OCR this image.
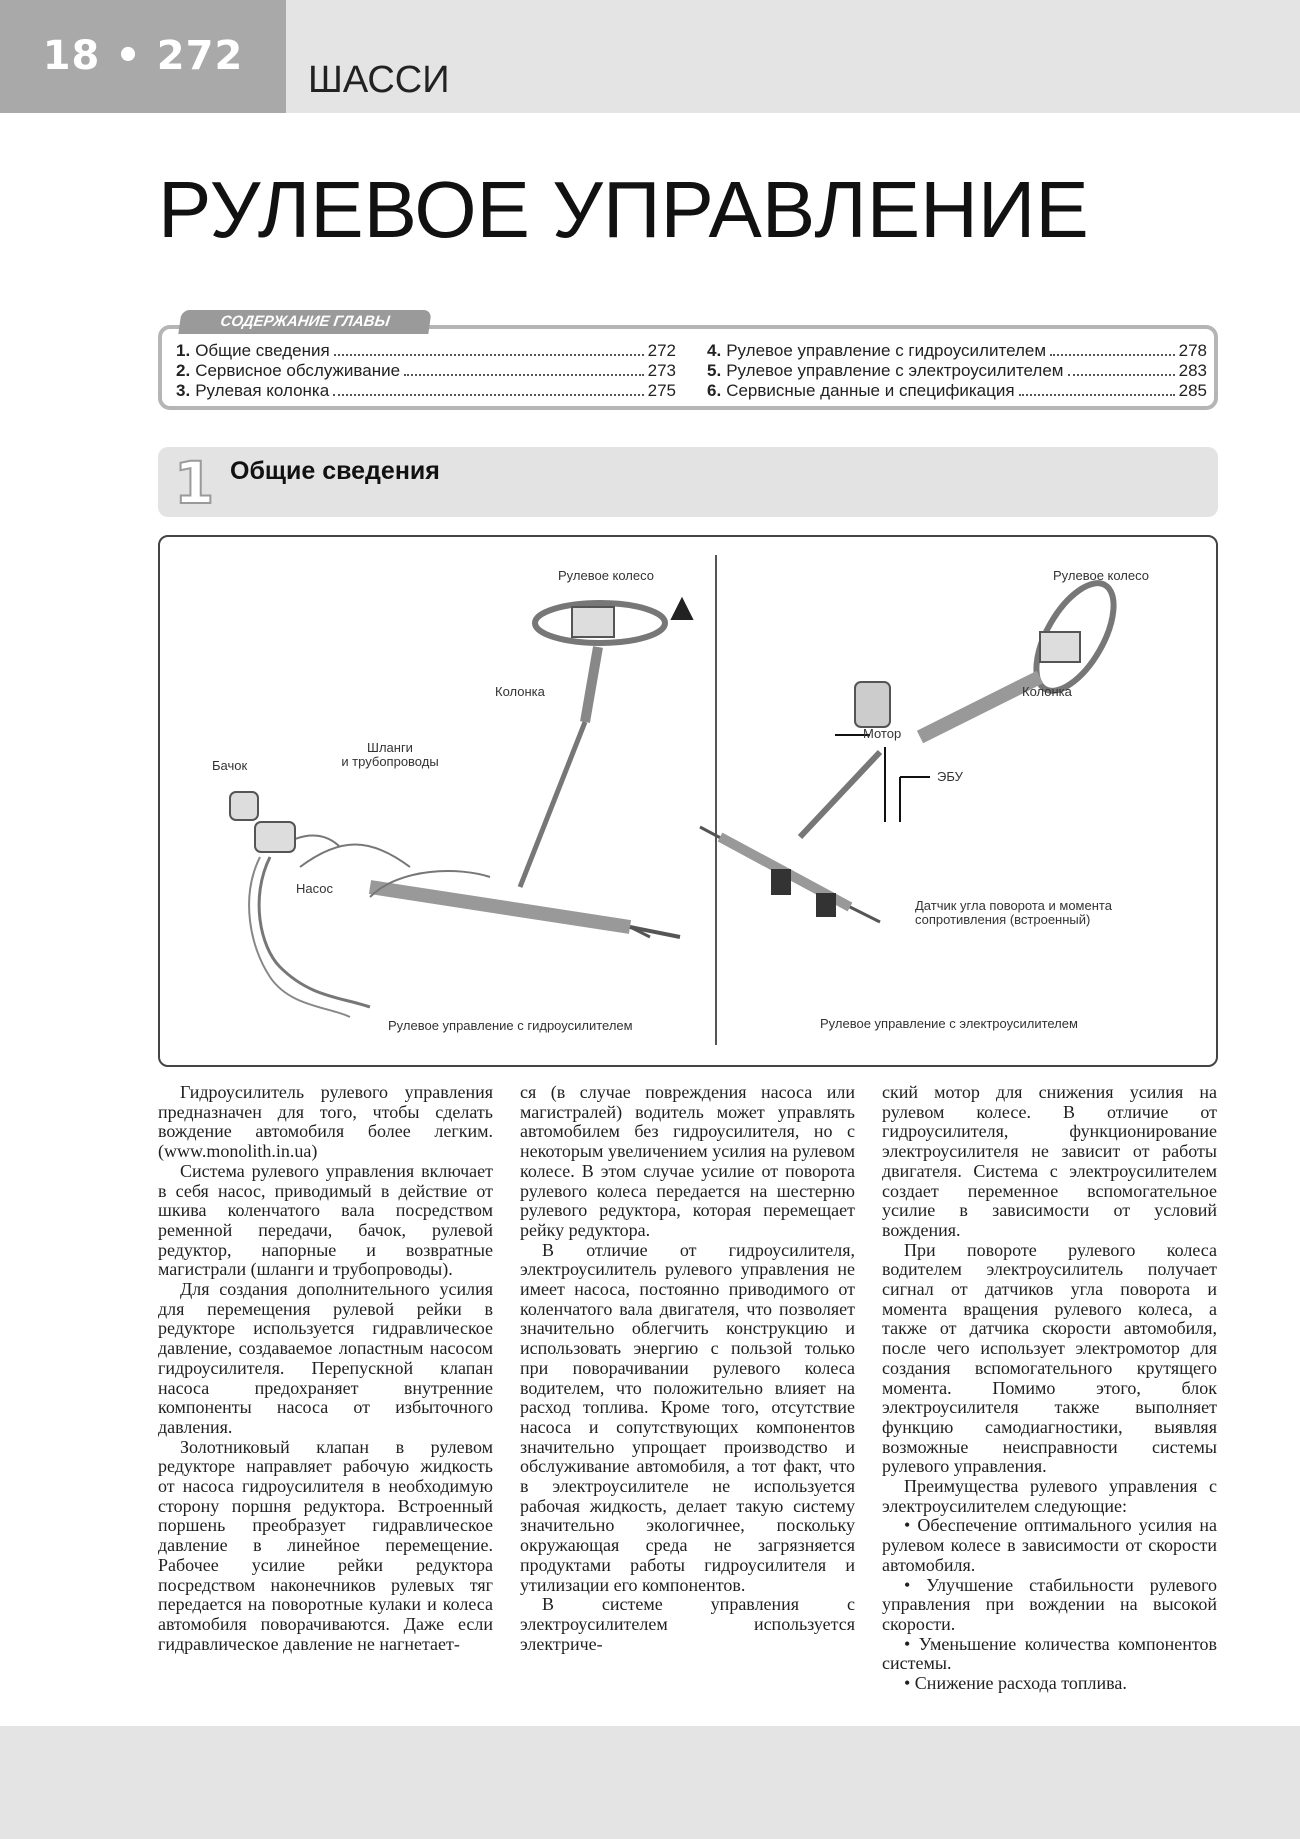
18 • 272
ШАССИ
РУЛЕВОЕ УПРАВЛЕНИЕ
СОДЕРЖАНИЕ ГЛАВЫ
1. Общие сведения	272
2. Сервисное обслуживание	273
3. Рулевая колонка	275
4. Рулевое управление с гидроусилителем	278
5. Рулевое управление с электроусилителем	283
6. Сервисные данные и спецификация	285
1 Общие сведения
Рулевое колесо
Колонка
Шланги
и трубопроводы
Бачок
Насос
Рулевое управление с гидроусилителем
Рулевое колесо
Колонка
Мотор
ЭБУ
Датчик угла поворота и момента
сопротивления (встроенный)
Рулевое управление с электроусилителем

Гидроусилитель рулевого управления предназначен для того, чтобы сделать вождение автомобиля более легким. (www.monolith.in.ua)

Система рулевого управления включает в себя насос, приводимый в действие от шкива коленчатого вала посредством ременной передачи, бачок, рулевой редуктор, напорные и возвратные магистрали (шланги и трубопроводы).

Для создания дополнительного усилия для перемещения рулевой рейки в редукторе используется гидравлическое давление, создаваемое лопастным насосом гидроусилителя. Перепускной клапан насоса предохраняет внутренние компоненты насоса от избыточного давления.

Золотниковый клапан в рулевом редукторе направляет рабочую жидкость от насоса гидроусилителя в необходимую сторону поршня редуктора. Встроенный поршень преобразует гидравлическое давление в линейное перемещение. Рабочее усилие рейки редуктора посредством наконечников рулевых тяг передается на поворотные кулаки и колеса автомобиля поворачиваются. Даже если гидравлическое давление не нагнетает-

ся (в случае повреждения насоса или магистралей) водитель может управлять автомобилем без гидроусилителя, но с некоторым увеличением усилия на рулевом колесе. В этом случае усилие от поворота рулевого колеса передается на шестерню рулевого редуктора, которая перемещает рейку редуктора.

В отличие от гидроусилителя, электроусилитель рулевого управления не имеет насоса, постоянно приводимого от коленчатого вала двигателя, что позволяет значительно облегчить конструкцию и использовать энергию с пользой только при поворачивании рулевого колеса водителем, что положительно влияет на расход топлива. Кроме того, отсутствие насоса и сопутствующих компонентов значительно упрощает производство и обслуживание автомобиля, а тот факт, что в электроусилителе не используется рабочая жидкость, делает такую систему значительно экологичнее, поскольку окружающая среда не загрязняется продуктами работы гидроусилителя и утилизации его компонентов.

В системе управления с электроусилителем используется электриче-

ский мотор для снижения усилия на рулевом колесе. В отличие от гидроусилителя, функционирование электроусилителя не зависит от работы двигателя. Система с электроусилителем создает переменное вспомогательное усилие в зависимости от условий вождения.

При повороте рулевого колеса водителем электроусилитель получает сигнал от датчиков угла поворота и момента вращения рулевого колеса, а также от датчика скорости автомобиля, после чего использует электромотор для создания вспомогательного крутящего момента. Помимо этого, блок электроусилителя также выполняет функцию самодиагностики, выявляя возможные неисправности системы рулевого управления.

Преимущества рулевого управления с электроусилителем следующие:

• Обеспечение оптимального усилия на рулевом колесе в зависимости от скорости автомобиля.

• Улучшение стабильности рулевого управления при вождении на высокой скорости.

• Уменьшение количества компонентов системы.

• Снижение расхода топлива.
